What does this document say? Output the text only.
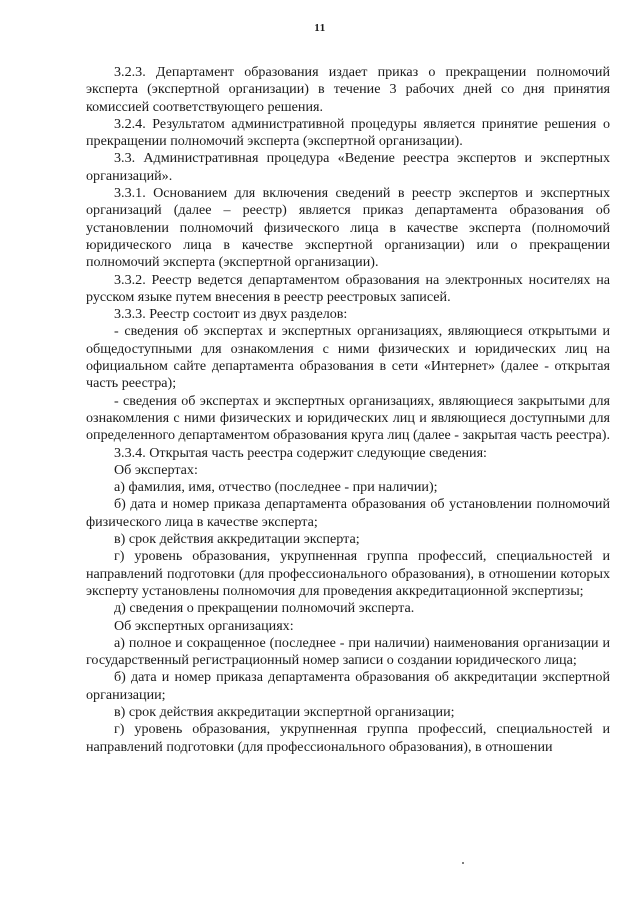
11

3.2.3. Департамент образования издает приказ о прекращении полномочий эксперта (экспертной организации) в течение 3 рабочих дней со дня принятия комиссией соответствующего решения.

3.2.4. Результатом административной процедуры является принятие решения о прекращении полномочий эксперта (экспертной организации).

3.3. Административная процедура «Ведение реестра экспертов и экспертных организаций».

3.3.1. Основанием для включения сведений в реестр экспертов и экспертных организаций (далее – реестр) является приказ департамента образования об установлении полномочий физического лица в качестве эксперта (полномочий юридического лица в качестве экспертной организации) или о прекращении полномочий эксперта (экспертной организации).

3.3.2. Реестр ведется департаментом образования на электронных носителях на русском языке путем внесения в реестр реестровых записей.

3.3.3. Реестр состоит из двух разделов:

- сведения об экспертах и экспертных организациях, являющиеся открытыми и общедоступными для ознакомления с ними физических и юридических лиц на официальном сайте департамента образования в сети «Интернет» (далее - открытая часть реестра);

- сведения об экспертах и экспертных организациях, являющиеся закрытыми для ознакомления с ними физических и юридических лиц и являющиеся доступными для определенного департаментом образования круга лиц (далее - закрытая часть реестра).

3.3.4. Открытая часть реестра содержит следующие сведения:

Об экспертах:

а) фамилия, имя, отчество (последнее - при наличии);

б) дата и номер приказа департамента образования об установлении полномочий физического лица в качестве эксперта;

в) срок действия аккредитации эксперта;

г) уровень образования, укрупненная группа профессий, специальностей и направлений подготовки (для профессионального образования), в отношении которых эксперту установлены полномочия для проведения аккредитационной экспертизы;

д) сведения о прекращении полномочий эксперта.

Об экспертных организациях:

а) полное и сокращенное (последнее - при наличии) наименования организации и государственный регистрационный номер записи о создании юридического лица;

б) дата и номер приказа департамента образования об аккредитации экспертной организации;

в) срок действия аккредитации экспертной организации;

г) уровень образования, укрупненная группа профессий, специальностей и направлений подготовки (для профессионального образования), в отношении
